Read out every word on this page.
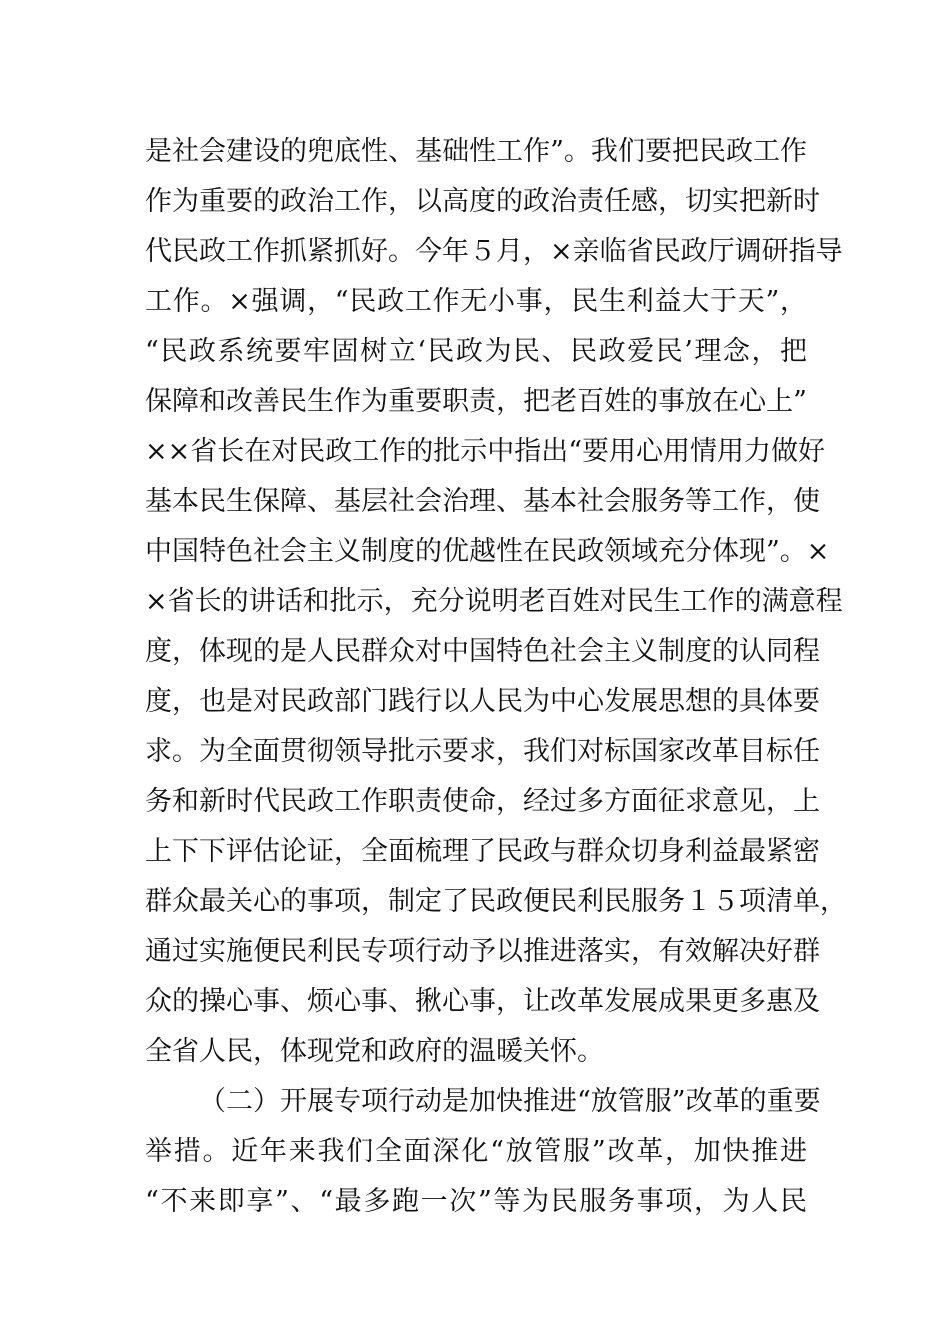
是社会建设的兜底性、基础性工作”。我们要把民政工作
作为重要的政治工作，以高度的政治责任感，切实把新时
代民政工作抓紧抓好。今年５月，×亲临省民政厅调研指导
工作。×强调，“民政工作无小事，民生利益大于天”，
“民政系统要牢固树立‘民政为民、民政爱民’理念，把
保障和改善民生作为重要职责，把老百姓的事放在心上”
××省长在对民政工作的批示中指出“要用心用情用力做好
基本民生保障、基层社会治理、基本社会服务等工作，使
中国特色社会主义制度的优越性在民政领域充分体现”。×
×省长的讲话和批示，充分说明老百姓对民生工作的满意程
度，体现的是人民群众对中国特色社会主义制度的认同程
度，也是对民政部门践行以人民为中心发展思想的具体要
求。为全面贯彻领导批示要求，我们对标国家改革目标任
务和新时代民政工作职责使命，经过多方面征求意见，上
上下下评估论证，全面梳理了民政与群众切身利益最紧密
群众最关心的事项，制定了民政便民利民服务１５项清单，
通过实施便民利民专项行动予以推进落实，有效解决好群
众的操心事、烦心事、揪心事，让改革发展成果更多惠及
全省人民，体现党和政府的温暖关怀。
（二）开展专项行动是加快推进“放管服”改革的重要
举措。近年来我们全面深化“放管服”改革，加快推进
“不来即享”、“最多跑一次”等为民服务事项，为人民
